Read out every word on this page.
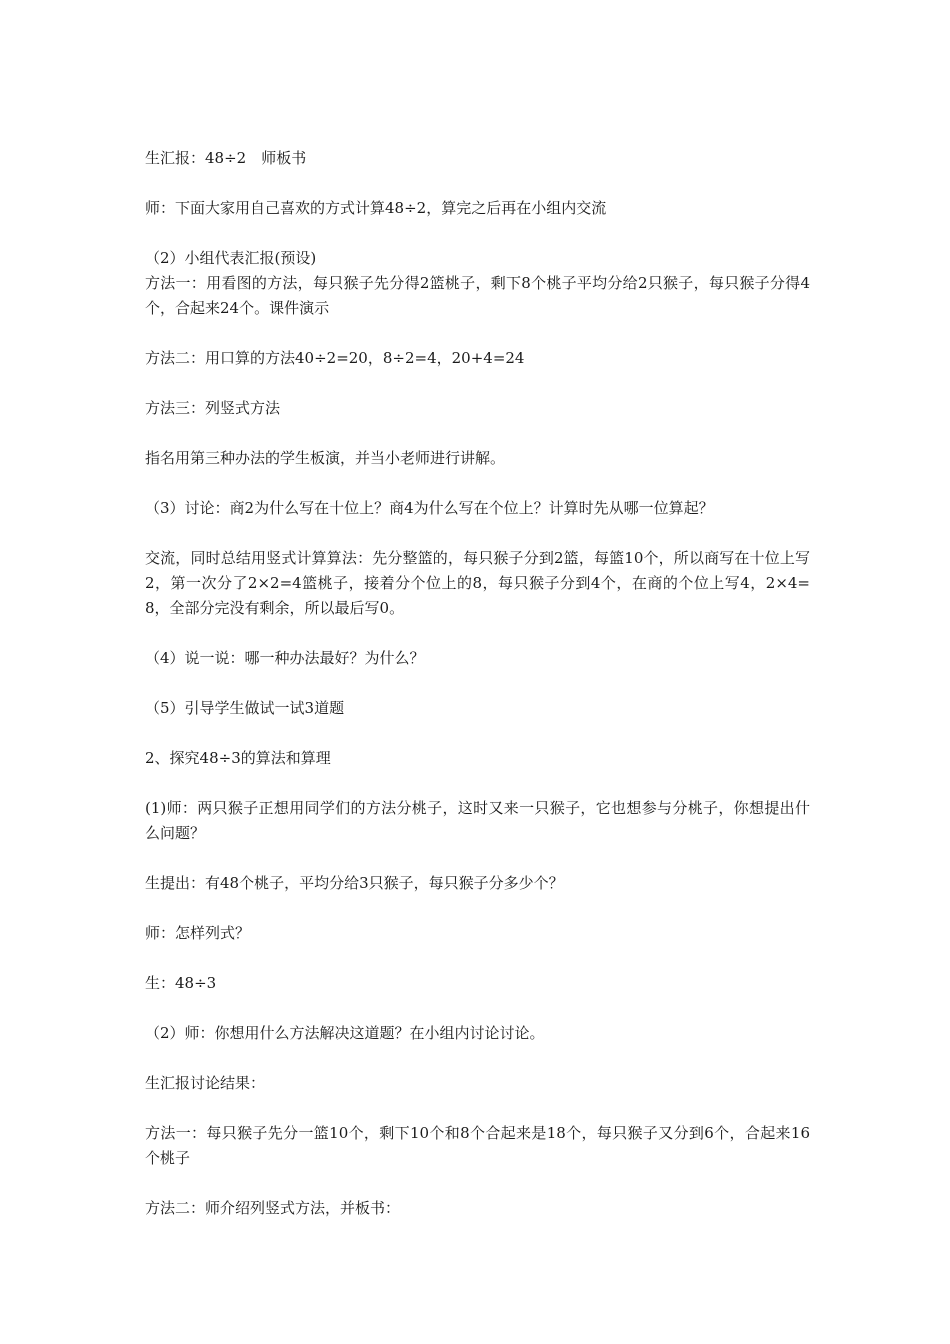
生汇报：48÷2　师板书

师：下面大家用自己喜欢的方式计算48÷2，算完之后再在小组内交流

（2）小组代表汇报(预设)

方法一：用看图的方法，每只猴子先分得2篮桃子，剩下8个桃子平均分给2只猴子，每只猴子分得4个，合起来24个。课件演示

方法二：用口算的方法40÷2=20，8÷2=4，20+4=24

方法三：列竖式方法

指名用第三种办法的学生板演，并当小老师进行讲解。

（3）讨论：商2为什么写在十位上？商4为什么写在个位上？计算时先从哪一位算起？

交流，同时总结用竖式计算算法：先分整篮的，每只猴子分到2篮，每篮10个，所以商写在十位上写2，第一次分了2×2=4篮桃子，接着分个位上的8，每只猴子分到4个，在商的个位上写4，2×4=8，全部分完没有剩余，所以最后写0。

（4）说一说：哪一种办法最好？为什么？

（5）引导学生做试一试3道题

2、探究48÷3的算法和算理

(1)师：两只猴子正想用同学们的方法分桃子，这时又来一只猴子，它也想参与分桃子，你想提出什么问题？

生提出：有48个桃子，平均分给3只猴子，每只猴子分多少个？

师：怎样列式？

生：48÷3

（2）师：你想用什么方法解决这道题？在小组内讨论讨论。

生汇报讨论结果：

方法一：每只猴子先分一篮10个，剩下10个和8个合起来是18个，每只猴子又分到6个，合起来16个桃子

方法二：师介绍列竖式方法，并板书：
